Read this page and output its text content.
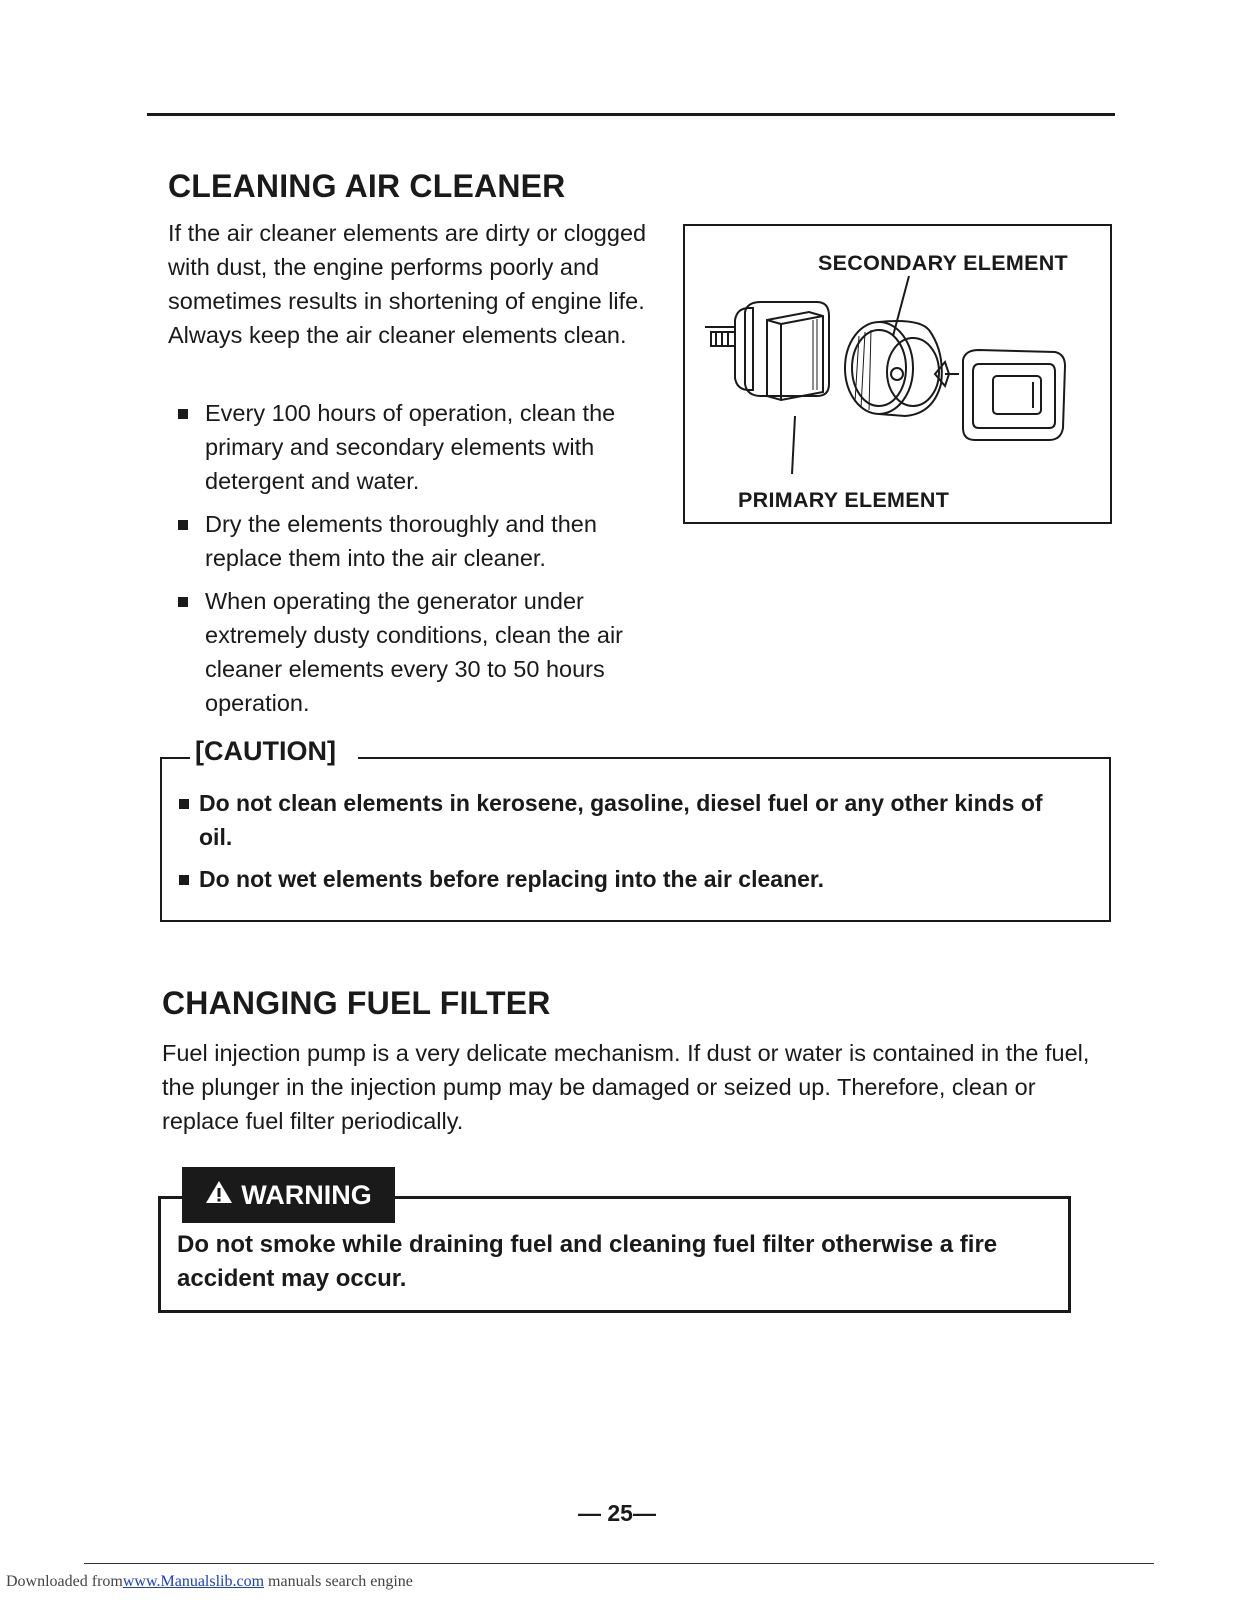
CLEANING AIR CLEANER

If the air cleaner elements are dirty or clogged with dust, the engine performs poorly and sometimes results in shortening of engine life. Always keep the air cleaner elements clean.

Every 100 hours of operation, clean the primary and secondary elements with detergent and water.
Dry the elements thoroughly and then replace them into the air cleaner.
When operating the generator under extremely dusty conditions, clean the air cleaner elements every 30 to 50 hours operation.
SECONDARY ELEMENT
PRIMARY ELEMENT
[CAUTION]
Do not clean elements in kerosene, gasoline, diesel fuel or any other kinds of oil.
Do not wet elements before replacing into the air cleaner.
CHANGING FUEL FILTER

Fuel injection pump is a very delicate mechanism. If dust or water is contained in the fuel, the plunger in the injection pump may be damaged or seized up. Therefore, clean or replace fuel filter periodically.

WARNING

Do not smoke while draining fuel and cleaning fuel filter otherwise a fire accident may occur.

— 25—
Downloaded fromwww.Manualslib.com manuals search engine
